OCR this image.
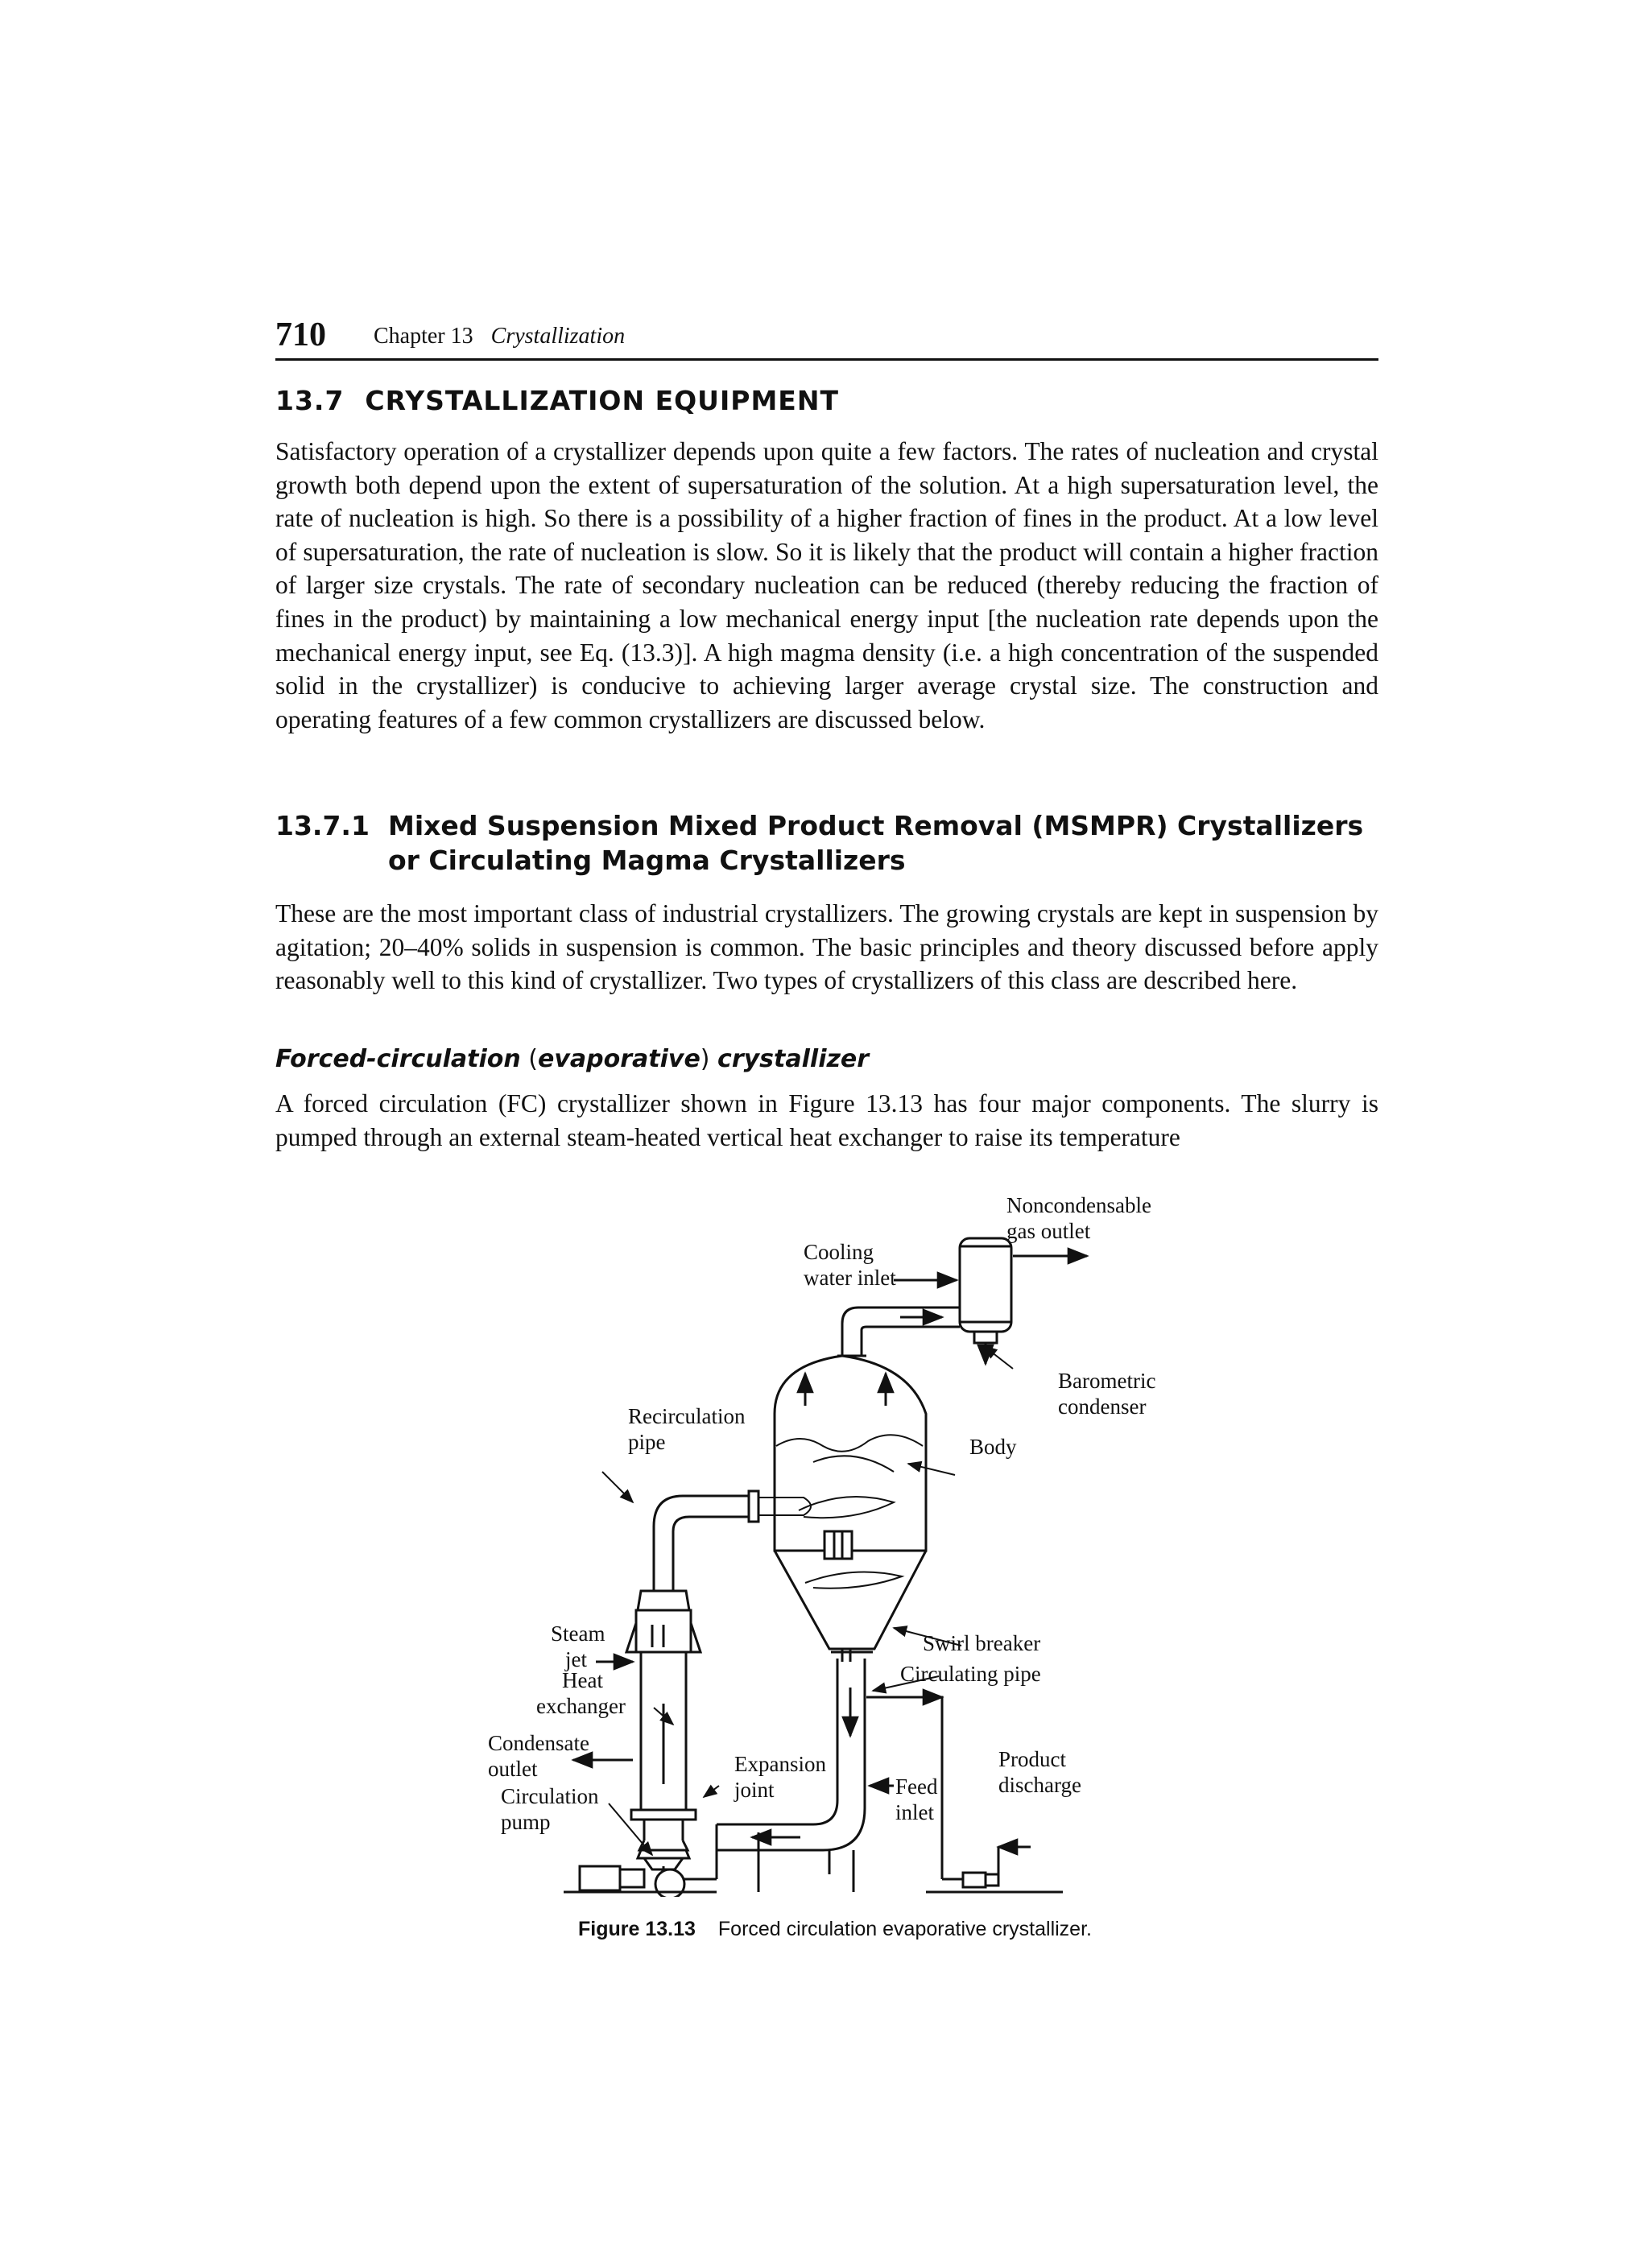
710 Chapter 13 Crystallization
13.7 CRYSTALLIZATION EQUIPMENT

Satisfactory operation of a crystallizer depends upon quite a few factors. The rates of nucleation and crystal growth both depend upon the extent of supersaturation of the solution. At a high supersaturation level, the rate of nucleation is high. So there is a possibility of a higher fraction of fines in the product. At a low level of supersaturation, the rate of nucleation is slow. So it is likely that the product will contain a higher fraction of larger size crystals. The rate of secondary nucleation can be reduced (thereby reducing the fraction of fines in the product) by maintaining a low mechanical energy input [the nucleation rate depends upon the mechanical energy input, see Eq. (13.3)]. A high magma density (i.e. a high concentration of the suspended solid in the crystallizer) is conducive to achieving larger average crystal size. The construction and operating features of a few common crystallizers are discussed below.

13.7.1 Mixed Suspension Mixed Product Removal (MSMPR) Crystallizers
or Circulating Magma Crystallizers

These are the most important class of industrial crystallizers. The growing crystals are kept in suspension by agitation; 20–40% solids in suspension is common. The basic principles and theory discussed before apply reasonably well to this kind of crystallizer. Two types of crystallizers of this class are described here.

Forced-circulation (evaporative) crystallizer

A forced circulation (FC) crystallizer shown in Figure 13.13 has four major components. The slurry is pumped through an external steam-heated vertical heat exchanger to raise its temperature

Noncondensable
gas outlet
Cooling
water inlet
Barometric
condenser
Recirculation
pipe	Body
Steam
jet
Heat
exchanger
Swirl breaker
Circulating pipe
Condensate
outlet	Expansion
joint
Product
discharge
Circulation
pump
Feed
inlet
Figure 13.13 Forced circulation evaporative crystallizer.
